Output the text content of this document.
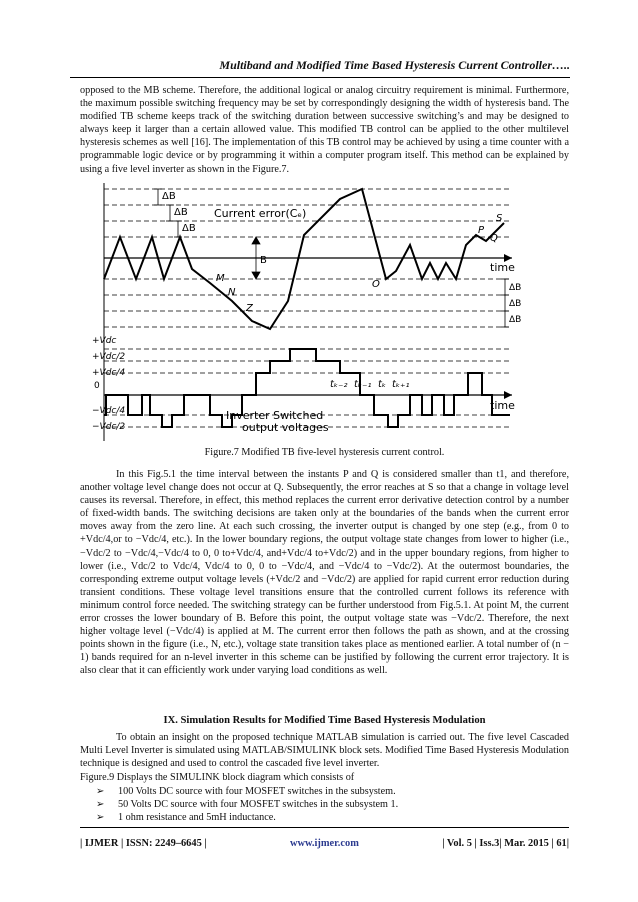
Multiband and Modified Time Based Hysteresis Current Controller…..
opposed to the MB scheme. Therefore, the additional logical or analog circuitry requirement is minimal. Furthermore, the maximum possible switching frequency may be set by correspondingly designing the width of hysteresis band. The modified TB scheme keeps track of the switching duration between successive switching’s and may be designed to always keep it larger than a certain allowed value. This modified TB control can be applied to the other multilevel hysteresis schemes as well [16]. The implementation of this TB control may be achieved by using a time counter with a programmable logic device or by programming it within a computer program itself. This method can be explained by using a five level inverter as shown in the Figure.7.
ΔB
ΔB
ΔB
B
Current error(Cₑ)
time
time
M
N
Z
O
P
Q
S
ΔB
ΔB
ΔB
+Vdc
+Vdc/2
+Vdc/4
0
−Vdc/4
−Vdc/2
tₖ₋₂ tₖ₋₁ tₖ tₖ₊₁
Inverter Switched
output voltages
Figure.7 Modified TB five-level hysteresis current control.
In this Fig.5.1 the time interval between the instants P and Q is considered smaller than t1, and therefore, another voltage level change does not occur at Q. Subsequently, the error reaches at S so that a change in voltage level causes its reversal. Therefore, in effect, this method replaces the current error derivative detection control by a number of fixed-width bands. The switching decisions are taken only at the boundaries of the bands when the current error moves away from the zero line. At each such crossing, the inverter output is changed by one step (e.g., from 0 to +Vdc/4,or to −Vdc/4, etc.). In the lower boundary regions, the output voltage state changes from lower to higher (i.e., −Vdc/2 to −Vdc/4,−Vdc/4 to 0, 0 to+Vdc/4, and+Vdc/4 to+Vdc/2) and in the upper boundary regions, from higher to lower (i.e., Vdc/2 to Vdc/4, Vdc/4 to 0, 0 to −Vdc/4, and −Vdc/4 to −Vdc/2). At the outermost boundaries, the corresponding extreme output voltage levels (+Vdc/2 and −Vdc/2) are applied for rapid current error reduction during transient conditions. These voltage level transitions ensure that the controlled current follows its reference with minimum control force needed. The switching strategy can be further understood from Fig.5.1. At point M, the current error crosses the lower boundary of B. Before this point, the output voltage state was −Vdc/2. Therefore, the next higher voltage level (−Vdc/4) is applied at M. The current error then follows the path as shown, and at the crossing points shown in the figure (i.e., N, etc.), voltage state transition takes place as mentioned earlier. A total number of (n − 1) bands required for an n-level inverter in this scheme can be justified by following the current error trajectory. It is also clear that it can efficiently work under varying load conditions as well.
IX. Simulation Results for Modified Time Based Hysteresis Modulation
To obtain an insight on the proposed technique MATLAB simulation is carried out. The five level Cascaded Multi Level Inverter is simulated using MATLAB/SIMULINK block sets. Modified Time Based Hysteresis Modulation technique is designed and used to control the cascaded five level inverter.
Figure.9 Displays the SIMULINK block diagram which consists of
➢	100 Volts DC source with four MOSFET switches in the subsystem.
➢	50 Volts DC source with four MOSFET switches in the subsystem 1.
➢	1 ohm resistance and 5mH inductance.
| IJMER | ISSN: 2249–6645 |	www.ijmer.com	| Vol. 5 | Iss.3| Mar. 2015 | 61|
